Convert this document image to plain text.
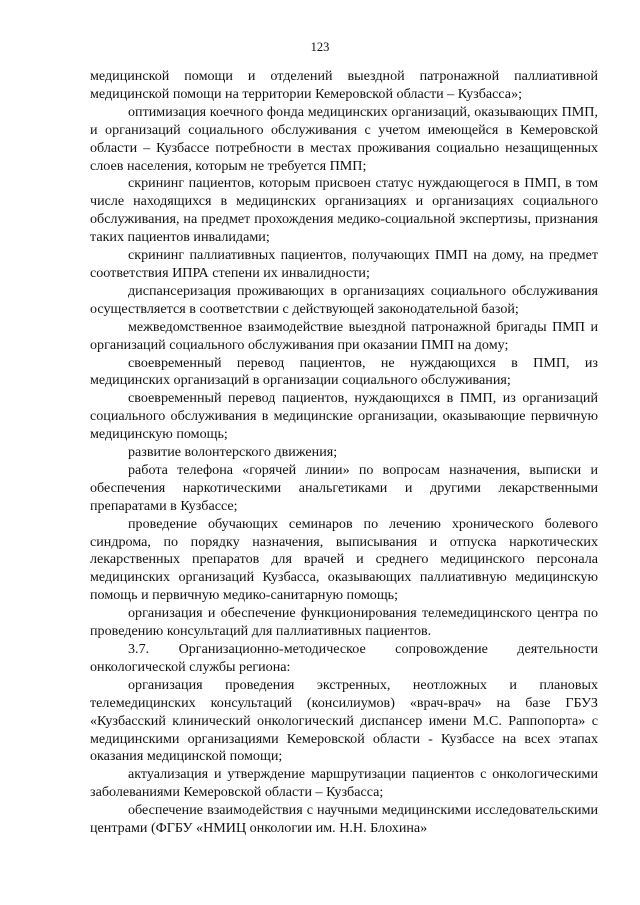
123

медицинской помощи и отделений выездной патронажной паллиативной медицинской помощи на территории Кемеровской области – Кузбасса»;

оптимизация коечного фонда медицинских организаций, оказывающих ПМП, и организаций социального обслуживания с учетом имеющейся в Кемеровской области – Кузбассе потребности в местах проживания социально незащищенных слоев населения, которым не требуется ПМП;

скрининг пациентов, которым присвоен статус нуждающегося в ПМП, в том числе находящихся в медицинских организациях и организациях социального обслуживания, на предмет прохождения медико-социальной экспертизы, признания таких пациентов инвалидами;

скрининг паллиативных пациентов, получающих ПМП на дому, на предмет соответствия ИПРА степени их инвалидности;

диспансеризация проживающих в организациях социального обслуживания осуществляется в соответствии с действующей законодательной базой;

межведомственное взаимодействие выездной патронажной бригады ПМП и организаций социального обслуживания при оказании ПМП на дому;

своевременный перевод пациентов, не нуждающихся в ПМП, из медицинских организаций в организации социального обслуживания;

своевременный перевод пациентов, нуждающихся в ПМП, из организаций социального обслуживания в медицинские организации, оказывающие первичную медицинскую помощь;

развитие волонтерского движения;

работа телефона «горячей линии» по вопросам назначения, выписки и обеспечения наркотическими анальгетиками и другими лекарственными препаратами в Кузбассе;

проведение обучающих семинаров по лечению хронического болевого синдрома, по порядку назначения, выписывания и отпуска наркотических лекарственных препаратов для врачей и среднего медицинского персонала медицинских организаций Кузбасса, оказывающих паллиативную медицинскую помощь и первичную медико-санитарную помощь;

организация и обеспечение функционирования телемедицинского центра по проведению консультаций для паллиативных пациентов.

3.7. Организационно-методическое сопровождение деятельности онкологической службы региона:

организация проведения экстренных, неотложных и плановых телемедицинских консультаций (консилиумов) «врач-врач» на базе ГБУЗ «Кузбасский клинический онкологический диспансер имени М.С. Раппопорта» с медицинскими организациями Кемеровской области - Кузбассе на всех этапах оказания медицинской помощи;

актуализация и утверждение маршрутизации пациентов с онкологическими заболеваниями Кемеровской области – Кузбасса;

обеспечение взаимодействия с научными медицинскими исследовательскими центрами (ФГБУ «НМИЦ онкологии им. Н.Н. Блохина»
